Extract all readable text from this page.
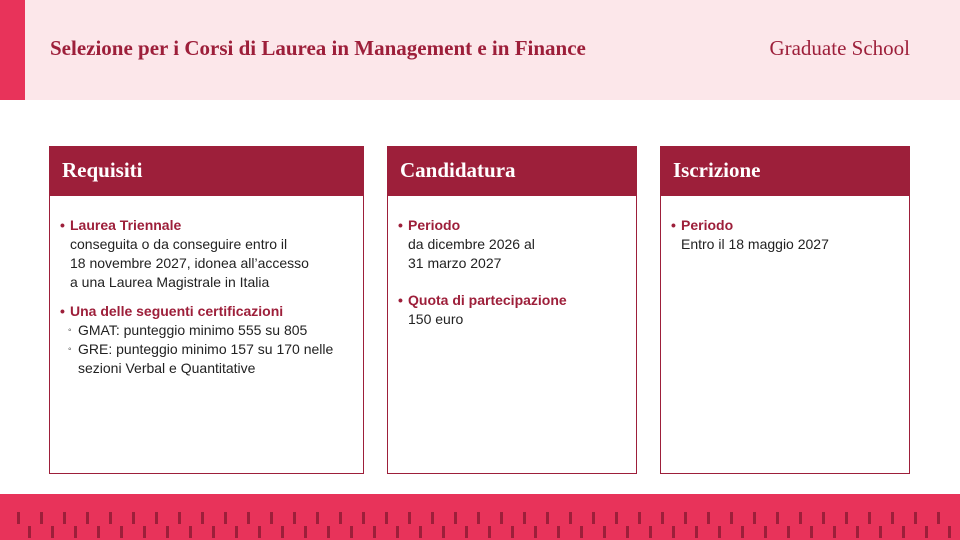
Selezione per i Corsi di Laurea in Management e in Finance	Graduate School
Requisiti
• Laurea Triennale
conseguita o da conseguire entro il
18 novembre 2027, idonea all’accesso
a una Laurea Magistrale in Italia
• Una delle seguenti certificazioni
◦ GMAT: punteggio minimo 555 su 805
◦ GRE: punteggio minimo 157 su 170 nelle
sezioni Verbal e Quantitative
Candidatura
• Periodo
da dicembre 2026 al
31 marzo 2027
• Quota di partecipazione
150 euro
Iscrizione
• Periodo
Entro il 18 maggio 2027
